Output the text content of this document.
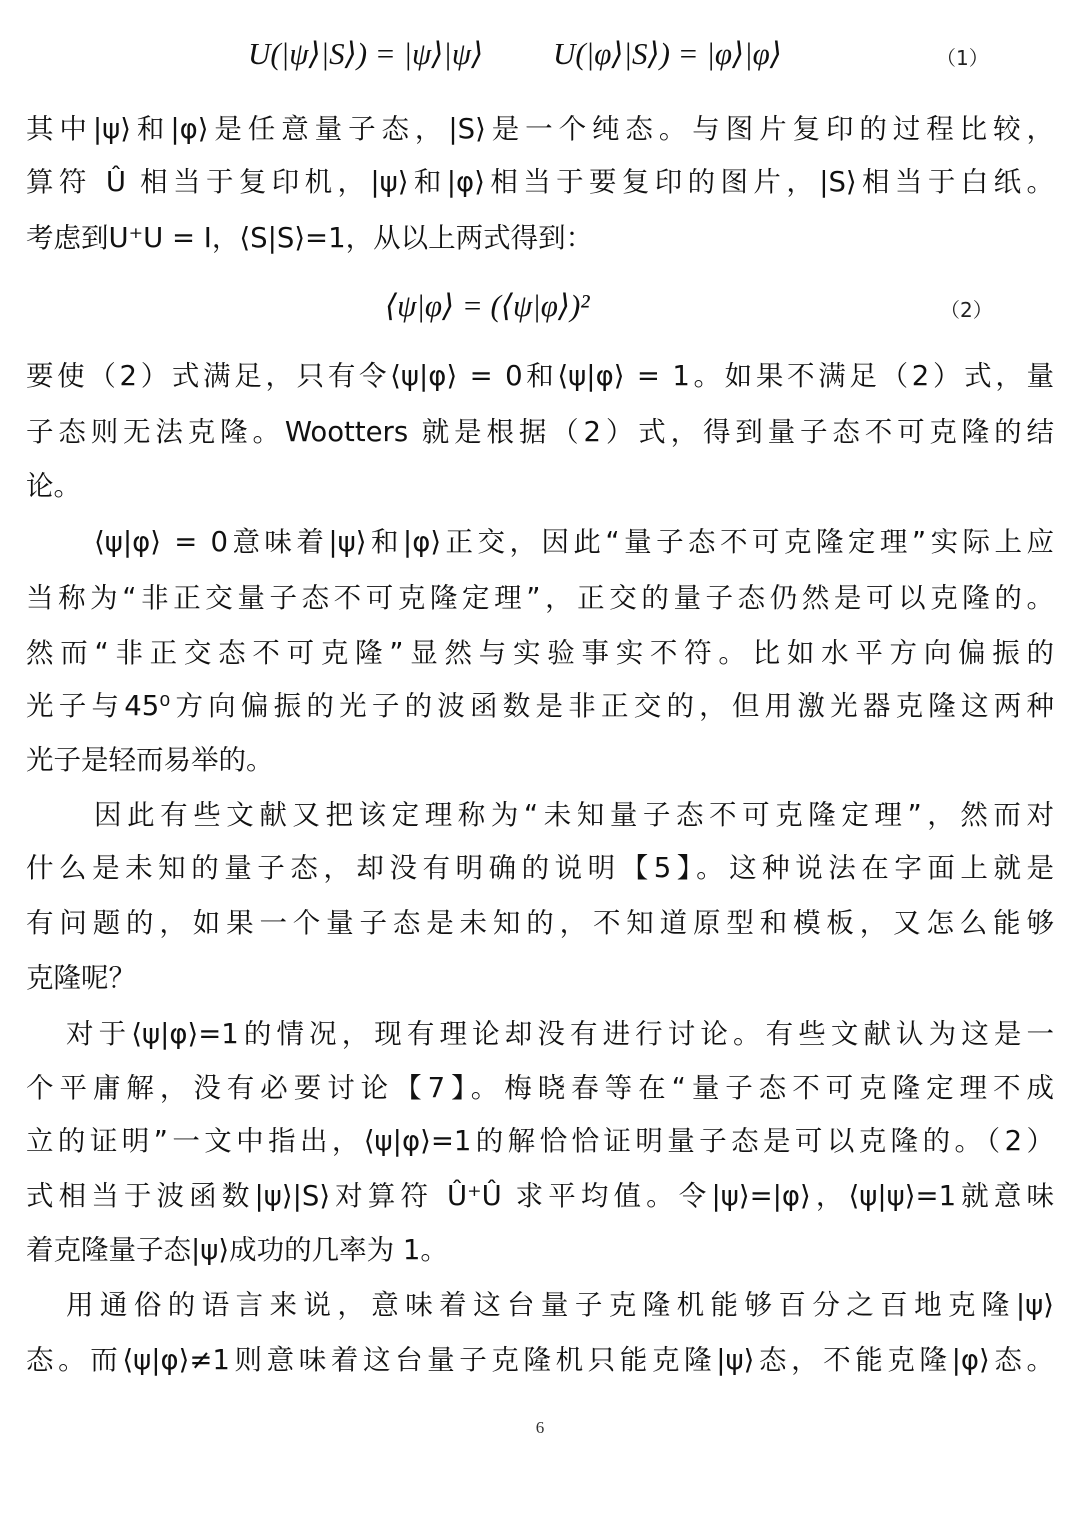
U(|ψ⟩|S⟩) = |ψ⟩|ψ⟩ U(|φ⟩|S⟩) = |φ⟩|φ⟩	（1）
其中|ψ⟩和|φ⟩是任意量子态，|S⟩是一个纯态。与图片复印的过程比较，
算符 Û 相当于复印机，|ψ⟩和|φ⟩相当于要复印的图片，|S⟩相当于白纸。
考虑到U⁺U = I，⟨S|S⟩=1，从以上两式得到：
⟨ψ|φ⟩ = (⟨ψ|φ⟩)²	（2）
要使（2）式满足，只有令⟨ψ|φ⟩ = 0和⟨ψ|φ⟩ = 1。如果不满足（2）式，量
子态则无法克隆。Wootters 就是根据（2）式，得到量子态不可克隆的结
论。
⟨ψ|φ⟩ = 0意味着|ψ⟩和|φ⟩正交，因此“量子态不可克隆定理”实际上应
当称为“非正交量子态不可克隆定理”，正交的量子态仍然是可以克隆的。
然而“非正交态不可克隆”显然与实验事实不符。比如水平方向偏振的
光子与45⁰方向偏振的光子的波函数是非正交的，但用激光器克隆这两种
光子是轻而易举的。
因此有些文献又把该定理称为“未知量子态不可克隆定理”，然而对
什么是未知的量子态，却没有明确的说明【5】。这种说法在字面上就是
有问题的，如果一个量子态是未知的，不知道原型和模板，又怎么能够
克隆呢？
对于⟨ψ|φ⟩=1的情况，现有理论却没有进行讨论。有些文献认为这是一
个平庸解，没有必要讨论【7】。梅晓春等在“量子态不可克隆定理不成
立的证明”一文中指出，⟨ψ|φ⟩=1的解恰恰证明量子态是可以克隆的。（2）
式相当于波函数|ψ⟩|S⟩对算符 Û⁺Û 求平均值。令|ψ⟩=|φ⟩，⟨ψ|ψ⟩=1就意味
着克隆量子态|ψ⟩成功的几率为 1。
用通俗的语言来说，意味着这台量子克隆机能够百分之百地克隆|ψ⟩
态。而⟨ψ|φ⟩≠1则意味着这台量子克隆机只能克隆|ψ⟩态，不能克隆|φ⟩态。
6
